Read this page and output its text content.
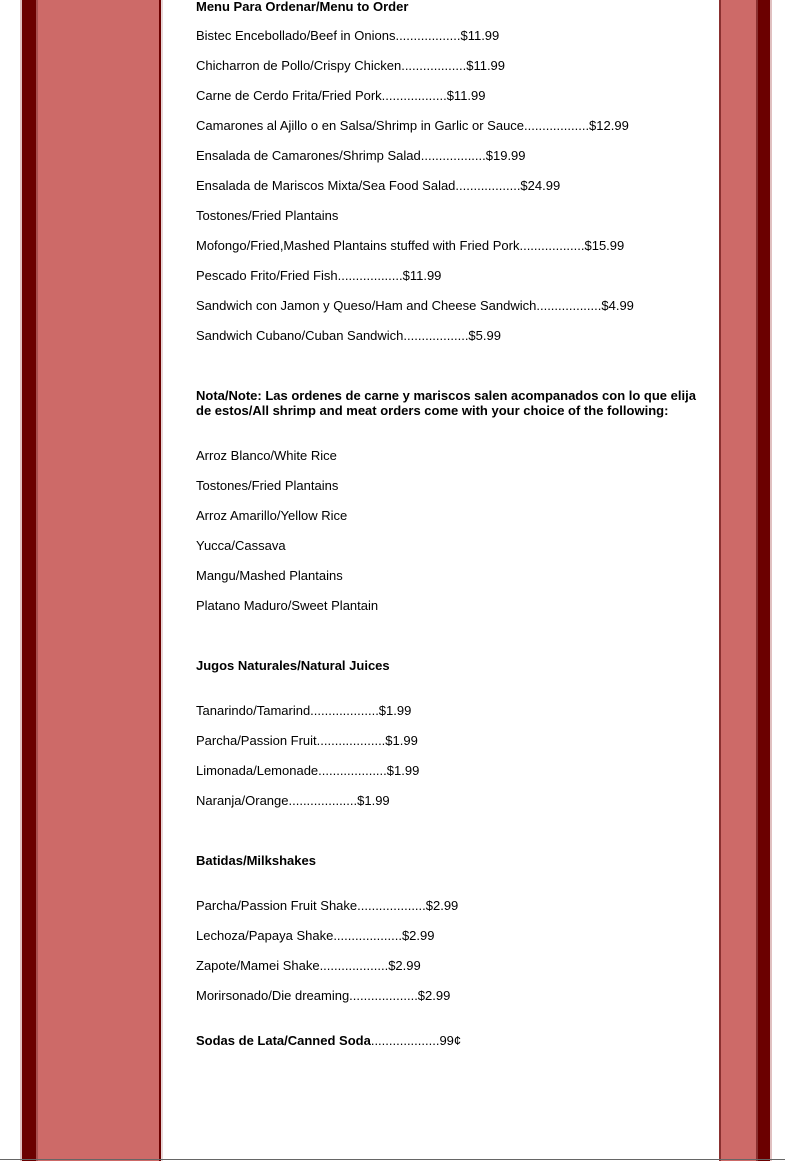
Menu Para Ordenar/Menu to Order
Bistec Encebollado/Beef in Onions..................$11.99
Chicharron de Pollo/Crispy Chicken..................$11.99
Carne de Cerdo Frita/Fried Pork..................$11.99
Camarones al Ajillo o en Salsa/Shrimp in Garlic or Sauce..................$12.99
Ensalada de Camarones/Shrimp Salad..................$19.99
Ensalada de Mariscos Mixta/Sea Food Salad..................$24.99
Tostones/Fried Plantains
Mofongo/Fried,Mashed Plantains stuffed with Fried Pork..................$15.99
Pescado Frito/Fried Fish..................$11.99
Sandwich con Jamon y Queso/Ham and Cheese Sandwich..................$4.99
Sandwich Cubano/Cuban Sandwich..................$5.99
Nota/Note: Las ordenes de carne y mariscos salen acompanados con lo que elija de estos/All shrimp and meat orders come with your choice of the following:
Arroz Blanco/White Rice
Tostones/Fried Plantains
Arroz Amarillo/Yellow Rice
Yucca/Cassava
Mangu/Mashed Plantains
Platano Maduro/Sweet Plantain
Jugos Naturales/Natural Juices
Tanarindo/Tamarind...................$1.99
Parcha/Passion Fruit...................$1.99
Limonada/Lemonade...................$1.99
Naranja/Orange...................$1.99
Batidas/Milkshakes
Parcha/Passion Fruit Shake...................$2.99
Lechoza/Papaya Shake...................$2.99
Zapote/Mamei Shake...................$2.99
Morirsonado/Die dreaming...................$2.99
Sodas de Lata/Canned Soda...................99¢
